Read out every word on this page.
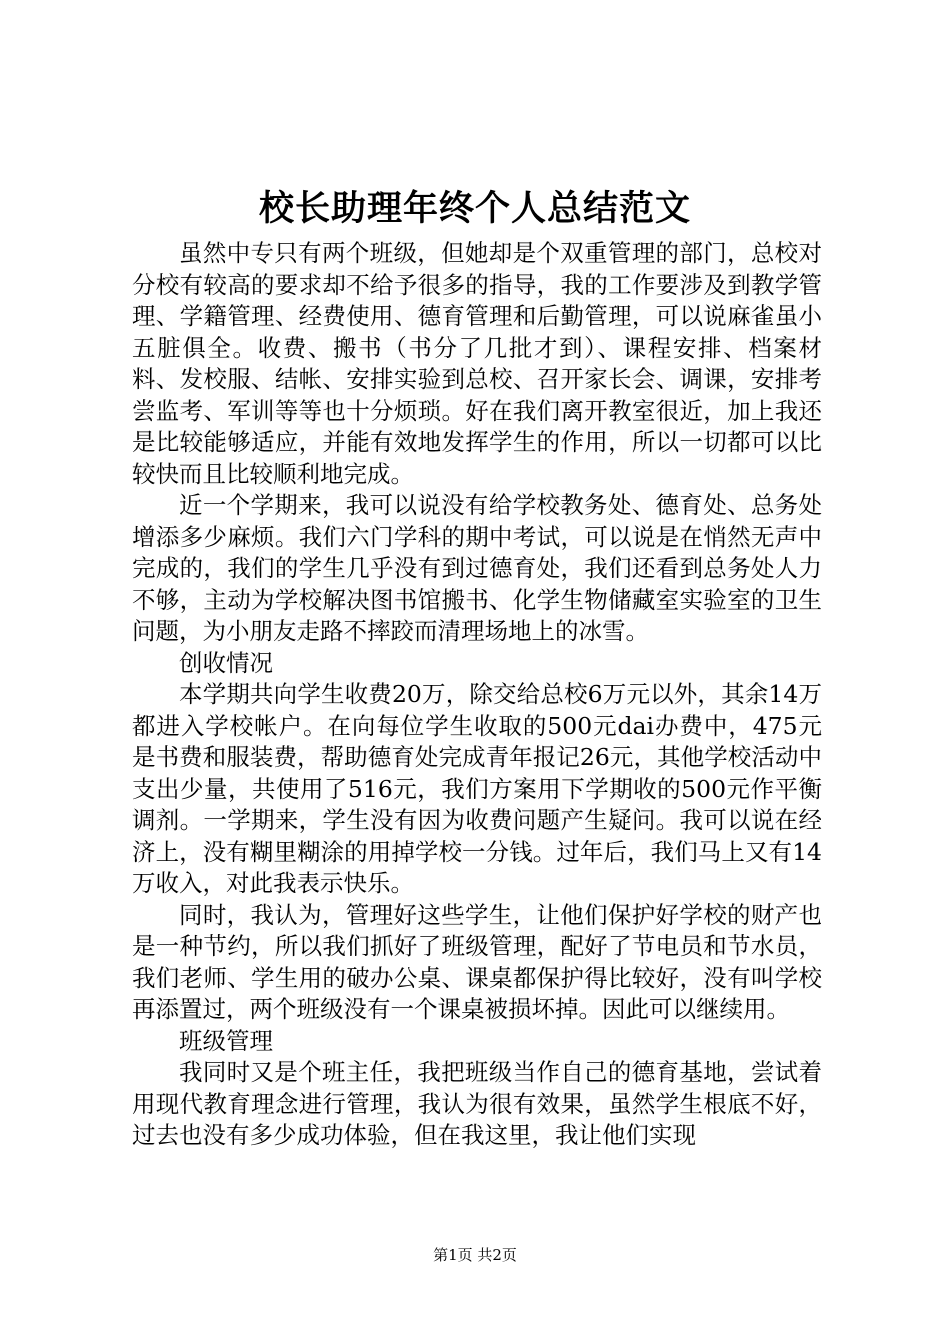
校长助理年终个人总结范文

虽然中专只有两个班级，但她却是个双重管理的部门，总校对分校有较高的要求却不给予很多的指导，我的工作要涉及到教学管理、学籍管理、经费使用、德育管理和后勤管理，可以说麻雀虽小五脏俱全。收费、搬书（书分了几批才到）、课程安排、档案材料、发校服、结帐、安排实验到总校、召开家长会、调课，安排考尝监考、军训等等也十分烦琐。好在我们离开教室很近，加上我还是比较能够适应，并能有效地发挥学生的作用，所以一切都可以比较快而且比较顺利地完成。

近一个学期来，我可以说没有给学校教务处、德育处、总务处增添多少麻烦。我们六门学科的期中考试，可以说是在悄然无声中完成的，我们的学生几乎没有到过德育处，我们还看到总务处人力不够，主动为学校解决图书馆搬书、化学生物储藏室实验室的卫生问题，为小朋友走路不摔跤而清理场地上的冰雪。

创收情况

本学期共向学生收费20万，除交给总校6万元以外，其余14万都进入学校帐户。在向每位学生收取的500元dai办费中，475元是书费和服装费，帮助德育处完成青年报记26元，其他学校活动中支出少量，共使用了516元，我们方案用下学期收的500元作平衡调剂。一学期来，学生没有因为收费问题产生疑问。我可以说在经济上，没有糊里糊涂的用掉学校一分钱。过年后，我们马上又有14万收入，对此我表示快乐。

同时，我认为，管理好这些学生，让他们保护好学校的财产也是一种节约，所以我们抓好了班级管理，配好了节电员和节水员，我们老师、学生用的破办公桌、课桌都保护得比较好，没有叫学校再添置过，两个班级没有一个课桌被损坏掉。因此可以继续用。

班级管理

我同时又是个班主任，我把班级当作自己的德育基地，尝试着用现代教育理念进行管理，我认为很有效果，虽然学生根底不好，过去也没有多少成功体验，但在我这里，我让他们实现

第1页 共2页
